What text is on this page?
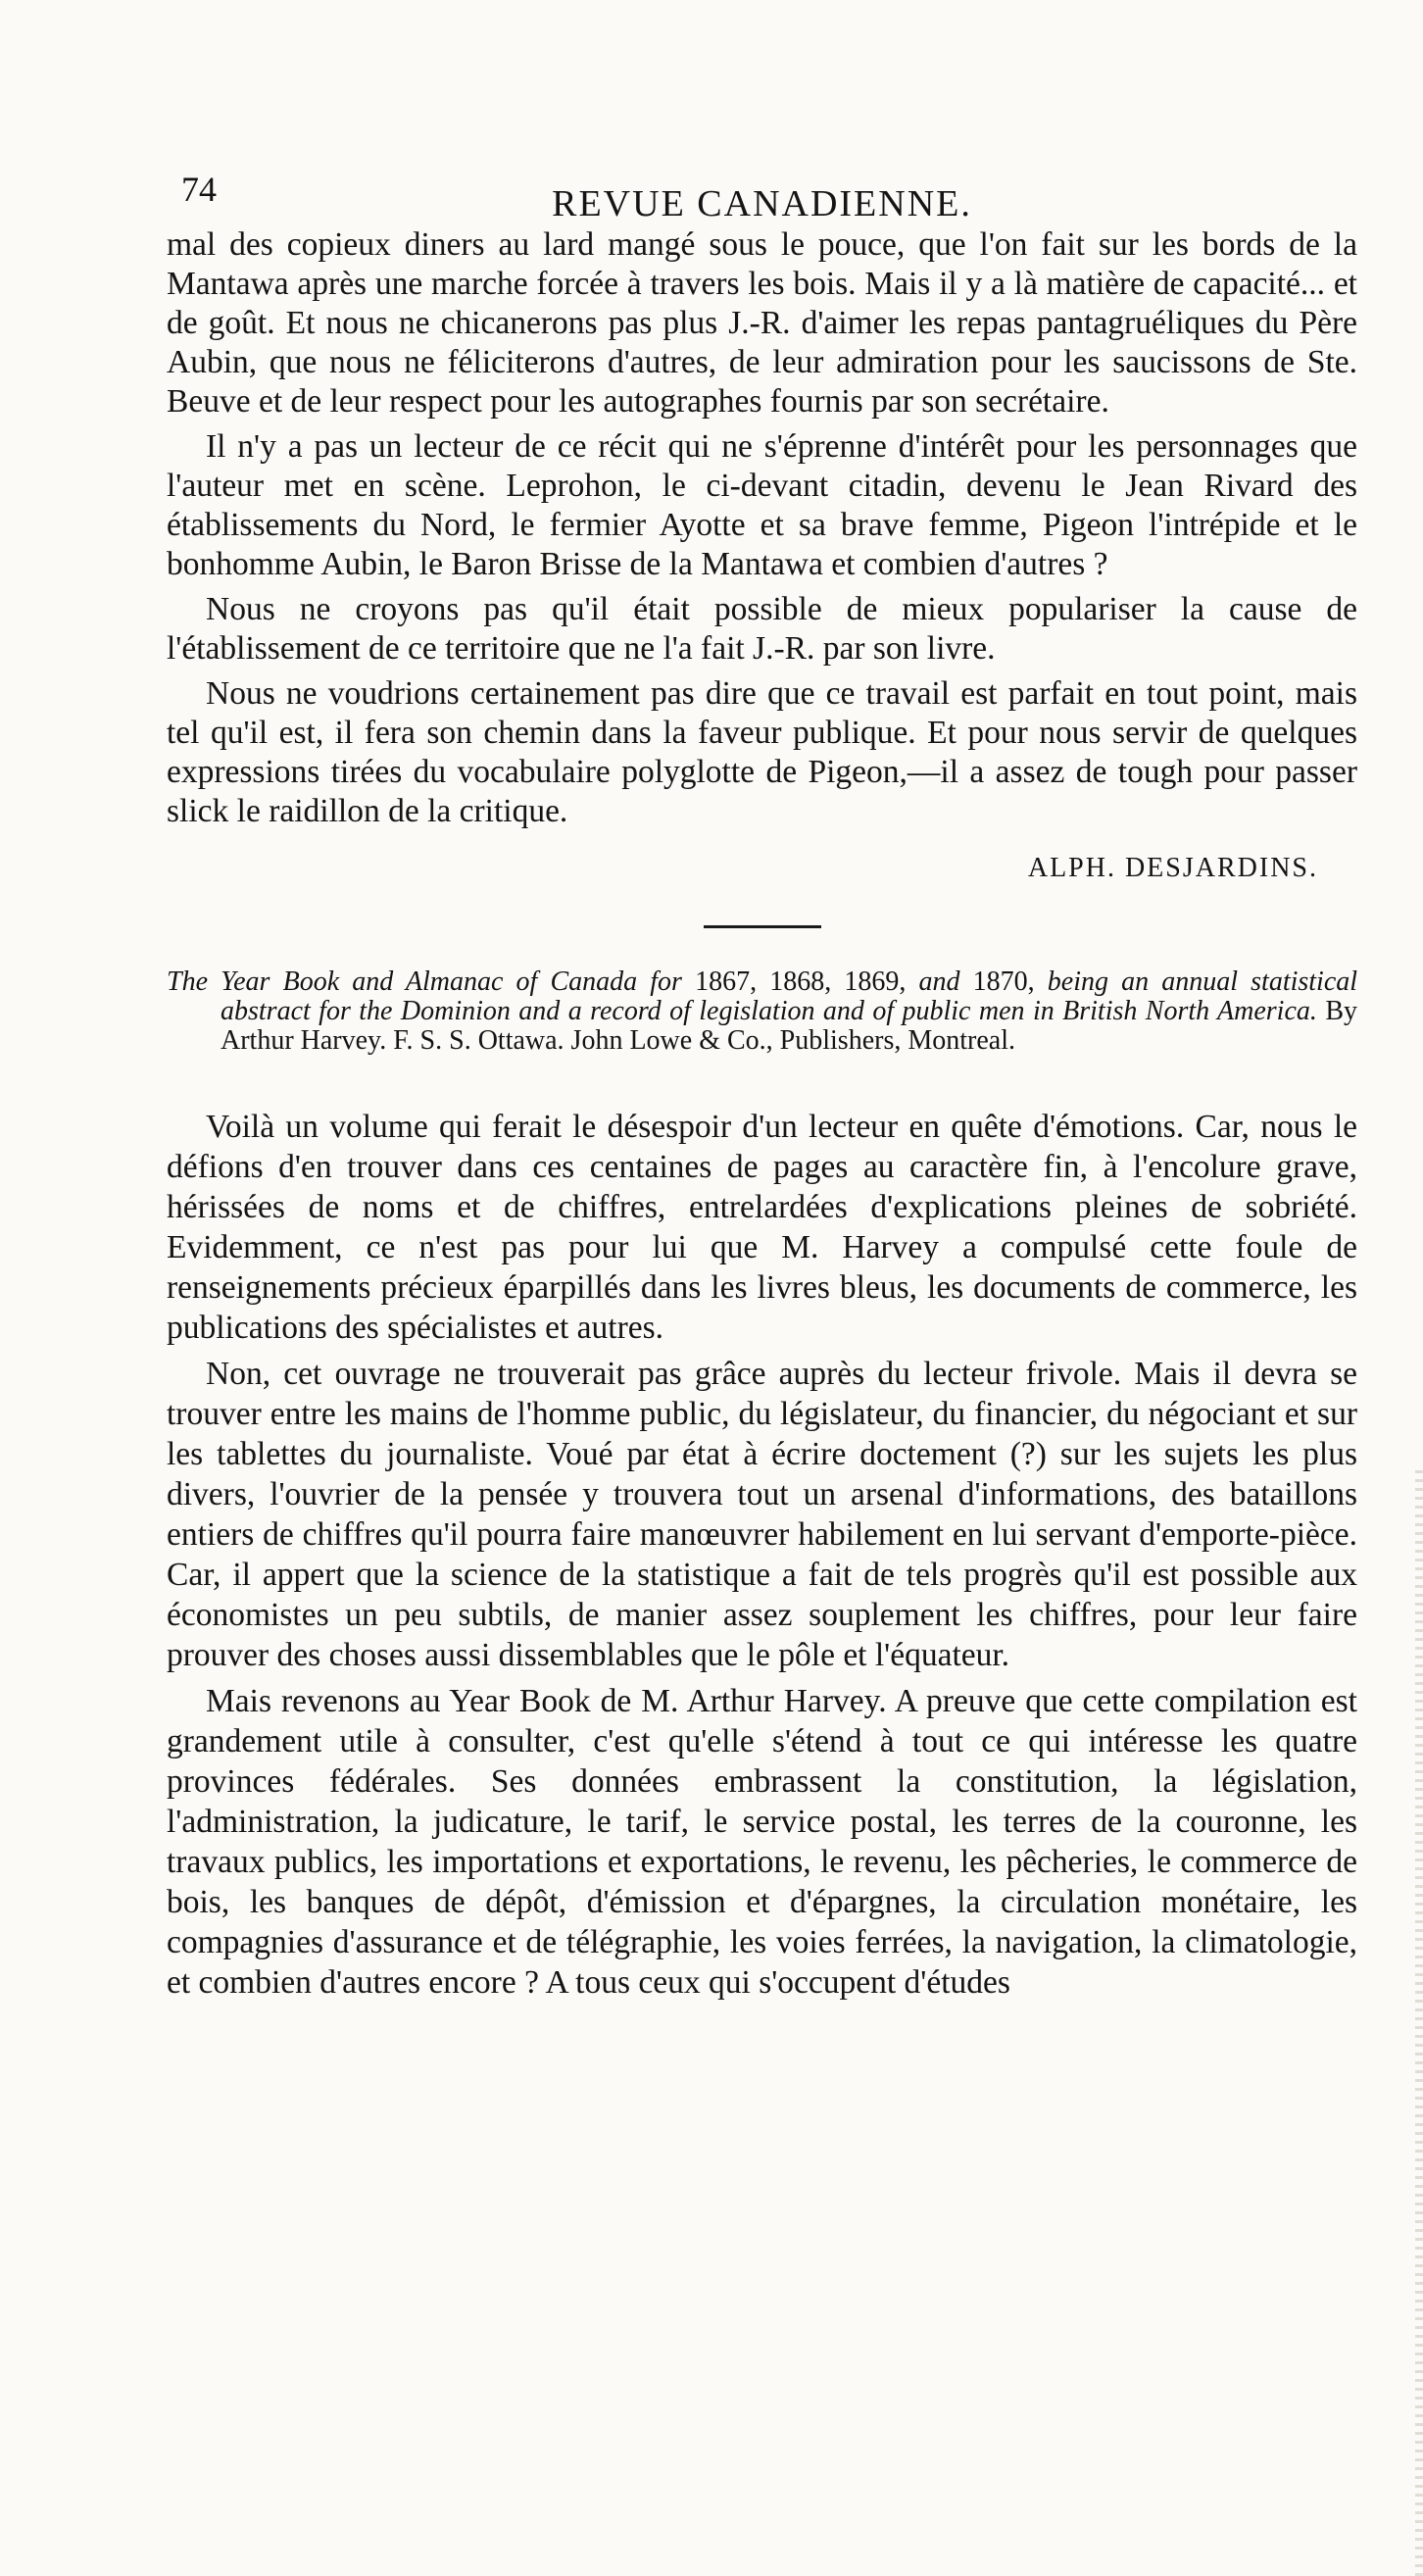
74	REVUE CANADIENNE.

mal des copieux diners au lard mangé sous le pouce, que l'on fait sur les bords de la Mantawa après une marche forcée à travers les bois. Mais il y a là matière de capacité... et de goût. Et nous ne chicanerons pas plus J.-R. d'aimer les repas pantagruéliques du Père Aubin, que nous ne féliciterons d'autres, de leur admiration pour les saucissons de Ste. Beuve et de leur respect pour les autographes fournis par son secrétaire.

Il n'y a pas un lecteur de ce récit qui ne s'éprenne d'intérêt pour les personnages que l'auteur met en scène. Leprohon, le ci-devant citadin, devenu le Jean Rivard des établissements du Nord, le fermier Ayotte et sa brave femme, Pigeon l'intrépide et le bonhomme Aubin, le Baron Brisse de la Mantawa et combien d'autres ?

Nous ne croyons pas qu'il était possible de mieux populariser la cause de l'établissement de ce territoire que ne l'a fait J.-R. par son livre.

Nous ne voudrions certainement pas dire que ce travail est parfait en tout point, mais tel qu'il est, il fera son chemin dans la faveur publique. Et pour nous servir de quelques expressions tirées du vocabulaire polyglotte de Pigeon,—il a assez de tough pour passer slick le raidillon de la critique.

ALPH. DESJARDINS.
The Year Book and Almanac of Canada for 1867, 1868, 1869, and 1870, being an annual statistical abstract for the Dominion and a record of legislation and of public men in British North America. By Arthur Harvey. F. S. S. Ottawa. John Lowe & Co., Publishers, Montreal.

Voilà un volume qui ferait le désespoir d'un lecteur en quête d'émotions. Car, nous le défions d'en trouver dans ces centaines de pages au caractère fin, à l'encolure grave, hérissées de noms et de chiffres, entrelardées d'explications pleines de sobriété. Evidemment, ce n'est pas pour lui que M. Harvey a compulsé cette foule de renseignements précieux éparpillés dans les livres bleus, les documents de commerce, les publications des spécialistes et autres.

Non, cet ouvrage ne trouverait pas grâce auprès du lecteur frivole. Mais il devra se trouver entre les mains de l'homme public, du législateur, du financier, du négociant et sur les tablettes du journaliste. Voué par état à écrire doctement (?) sur les sujets les plus divers, l'ouvrier de la pensée y trouvera tout un arsenal d'informations, des bataillons entiers de chiffres qu'il pourra faire manœuvrer habilement en lui servant d'emporte-pièce. Car, il appert que la science de la statistique a fait de tels progrès qu'il est possible aux économistes un peu subtils, de manier assez souplement les chiffres, pour leur faire prouver des choses aussi dissemblables que le pôle et l'équateur.

Mais revenons au Year Book de M. Arthur Harvey. A preuve que cette compilation est grandement utile à consulter, c'est qu'elle s'étend à tout ce qui intéresse les quatre provinces fédérales. Ses données embrassent la constitution, la législation, l'administration, la judicature, le tarif, le service postal, les terres de la couronne, les travaux publics, les importations et exportations, le revenu, les pêcheries, le commerce de bois, les banques de dépôt, d'émission et d'épargnes, la circulation monétaire, les compagnies d'assurance et de télégraphie, les voies ferrées, la navigation, la climatologie, et combien d'autres encore ? A tous ceux qui s'occupent d'études
